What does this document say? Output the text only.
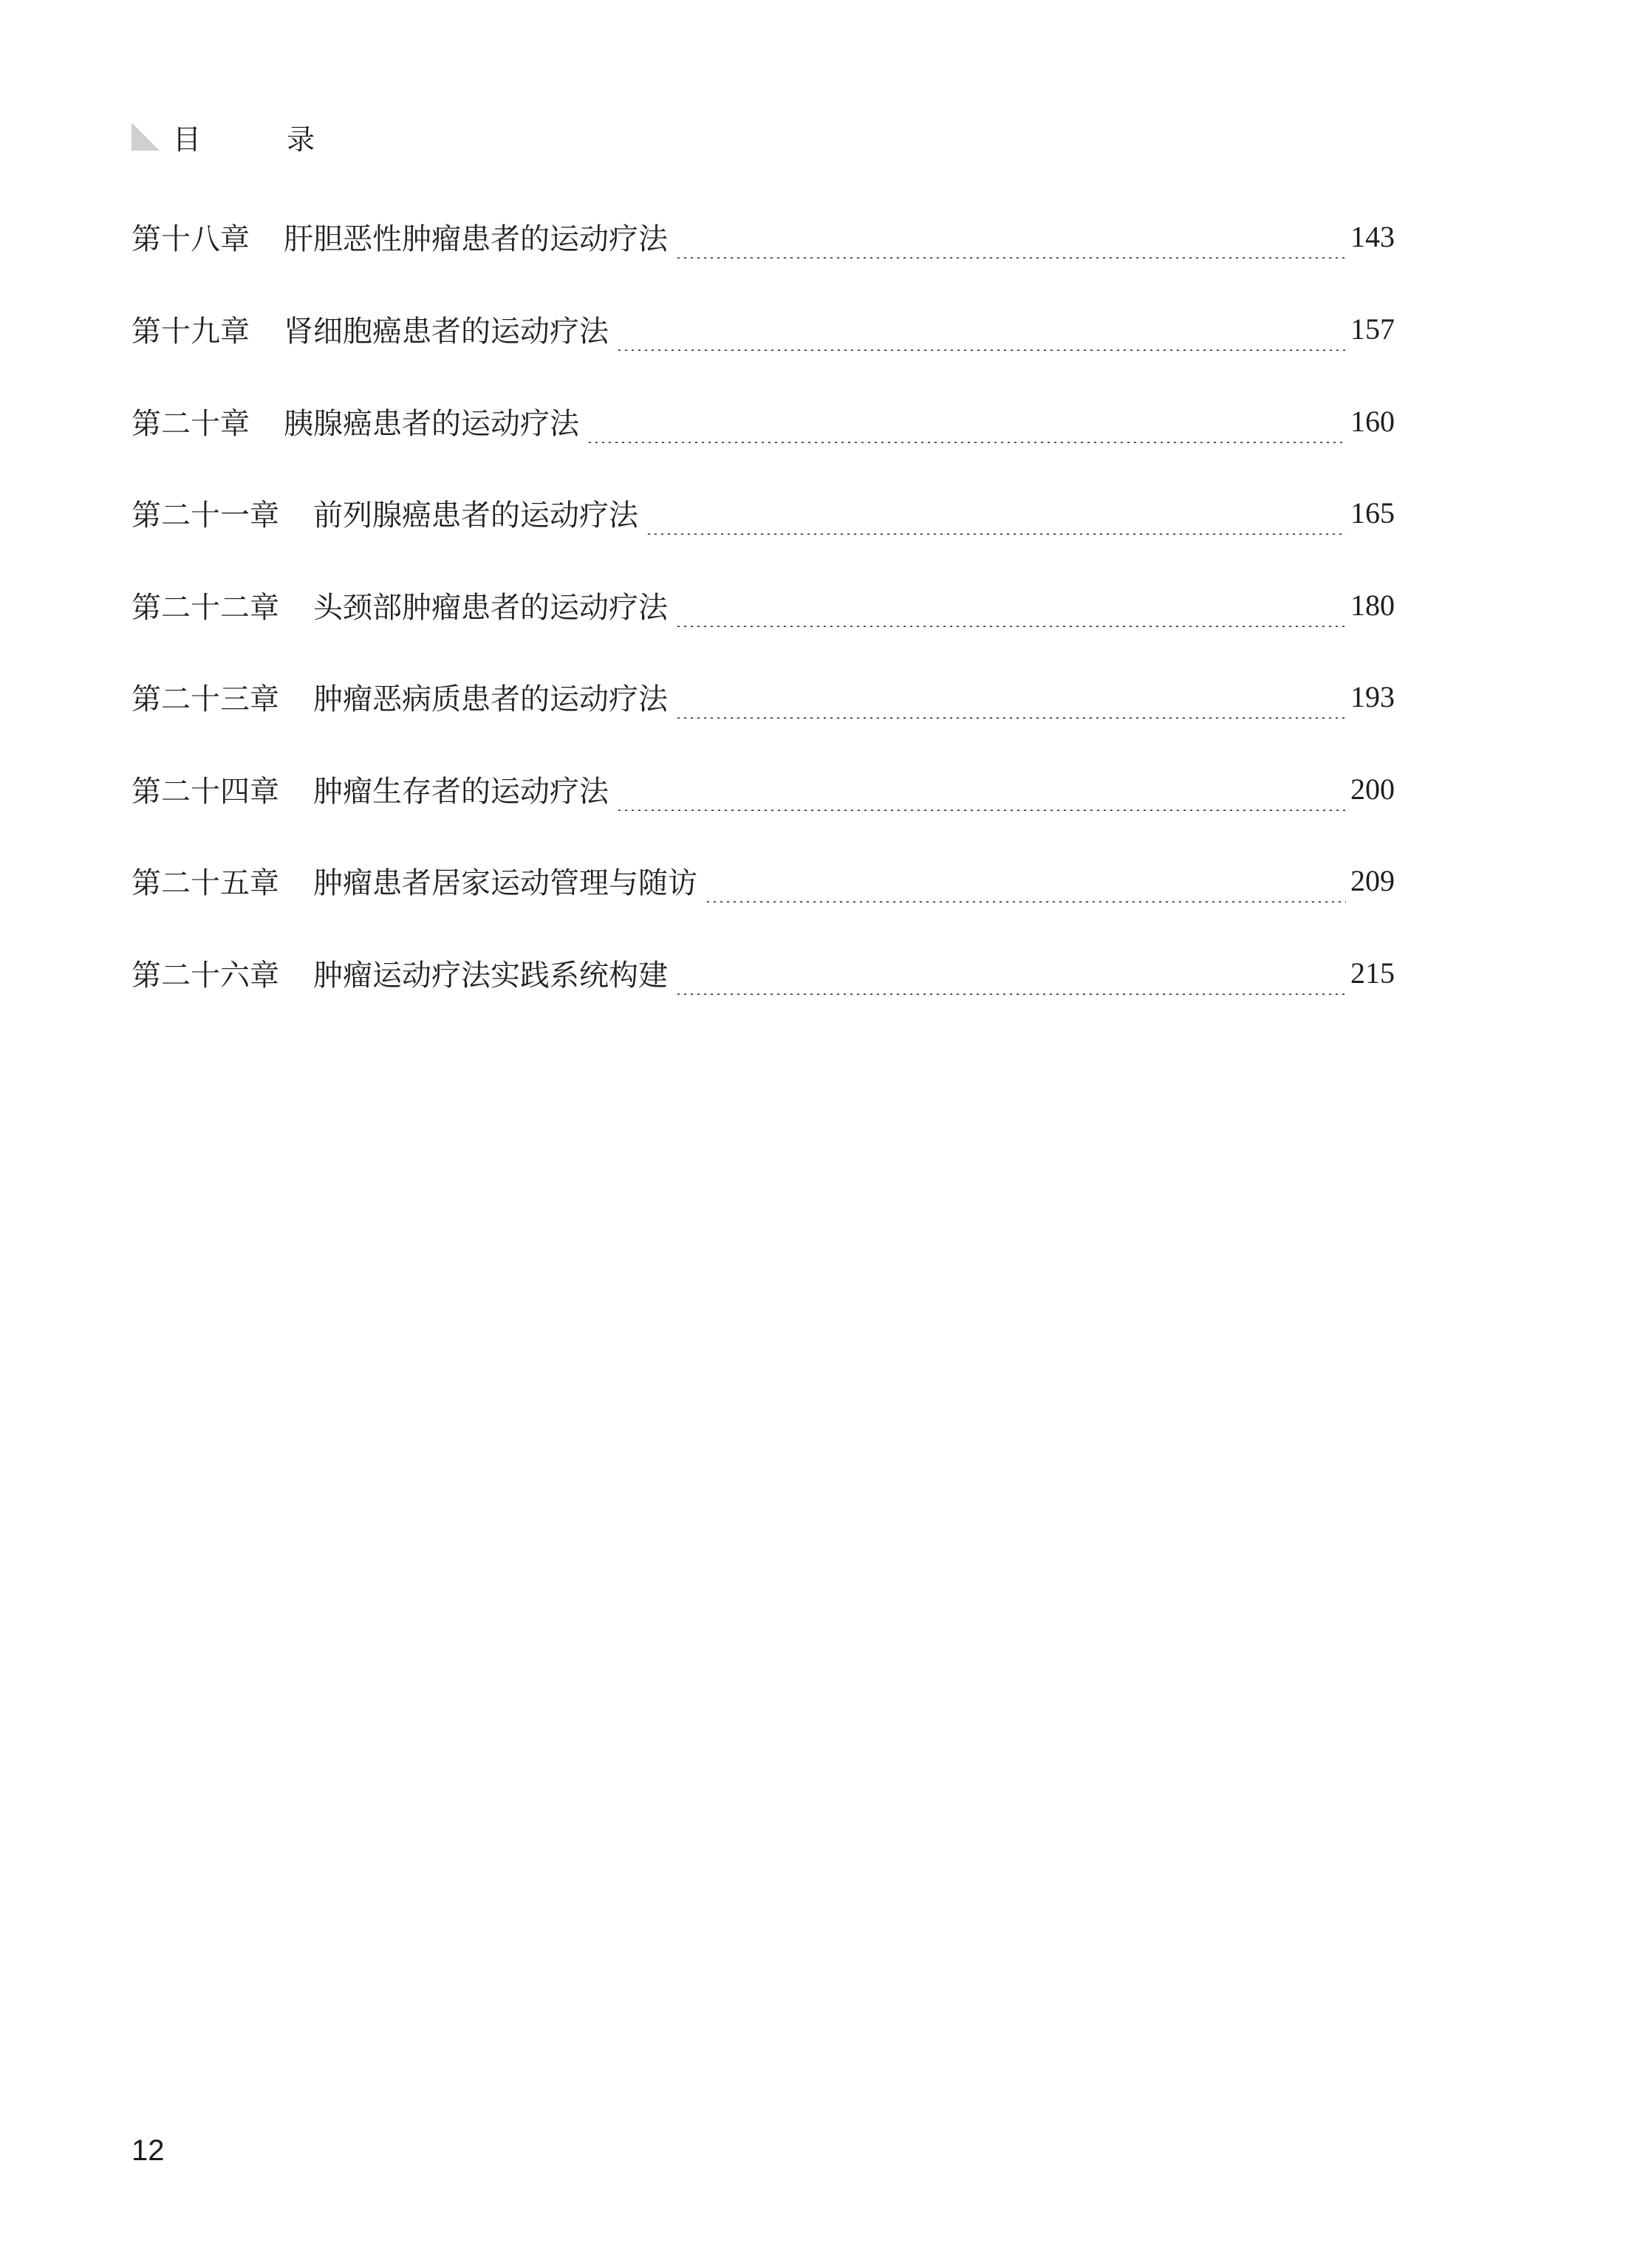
目 录
第十八章 肝胆恶性肿瘤患者的运动疗法	143
第十九章 肾细胞癌患者的运动疗法	157
第二十章 胰腺癌患者的运动疗法	160
第二十一章 前列腺癌患者的运动疗法	165
第二十二章 头颈部肿瘤患者的运动疗法	180
第二十三章 肿瘤恶病质患者的运动疗法	193
第二十四章 肿瘤生存者的运动疗法	200
第二十五章 肿瘤患者居家运动管理与随访	209
第二十六章 肿瘤运动疗法实践系统构建	215
12
